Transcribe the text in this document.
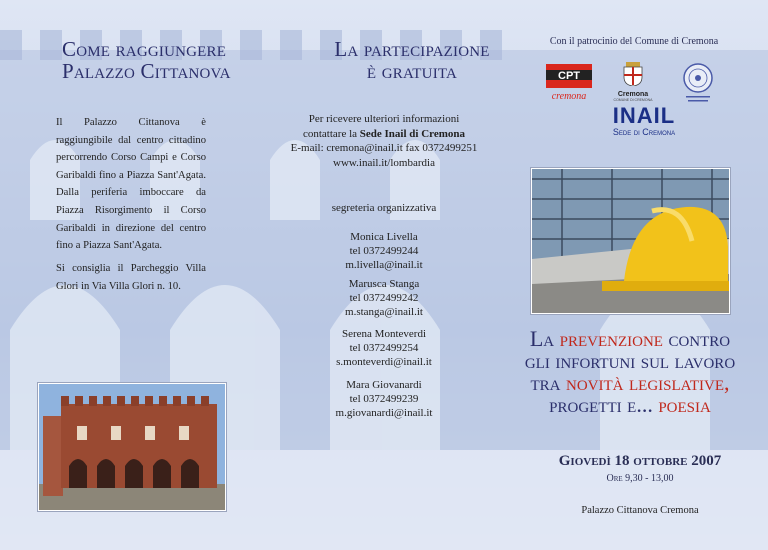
Come raggiungere
Palazzo Cittanova
Il Palazzo Cittanova è raggiungibile dal centro cittadino percorrendo Corso Campi e Corso Garibaldi fino a Piazza Sant'Agata. Dalla periferia imboccare da Piazza Risorgimento il Corso Garibaldi in direzione del centro fino a Piazza Sant'Agata.
Si consiglia il Parcheggio Villa Glori in Via Villa Glori n. 10.
La partecipazione
è gratuita
Per ricevere ulteriori informazioni
contattare la Sede Inail di Cremona
E-mail: cremona@inail.it fax 0372499251
www.inail.it/lombardia
segreteria organizzativa
Monica Livella
tel 0372499244
m.livella@inail.it
Marusca Stanga
tel 0372499242
m.stanga@inail.it
Serena Monteverdi
tel 0372499254
s.monteverdi@inail.it
Mara Giovanardi
tel 0372499239
m.giovanardi@inail.it
Con il patrocinio del Comune di Cremona
CPT
cremona	Cremona
COMUNE DI CREMONA
INAIL
Sede di Cremona
La prevenzione contro
gli infortuni sul lavoro
tra novità legislative,
progetti e... poesia
Giovedì 18 ottobre 2007
Ore 9,30 - 13,00
Palazzo Cittanova Cremona
